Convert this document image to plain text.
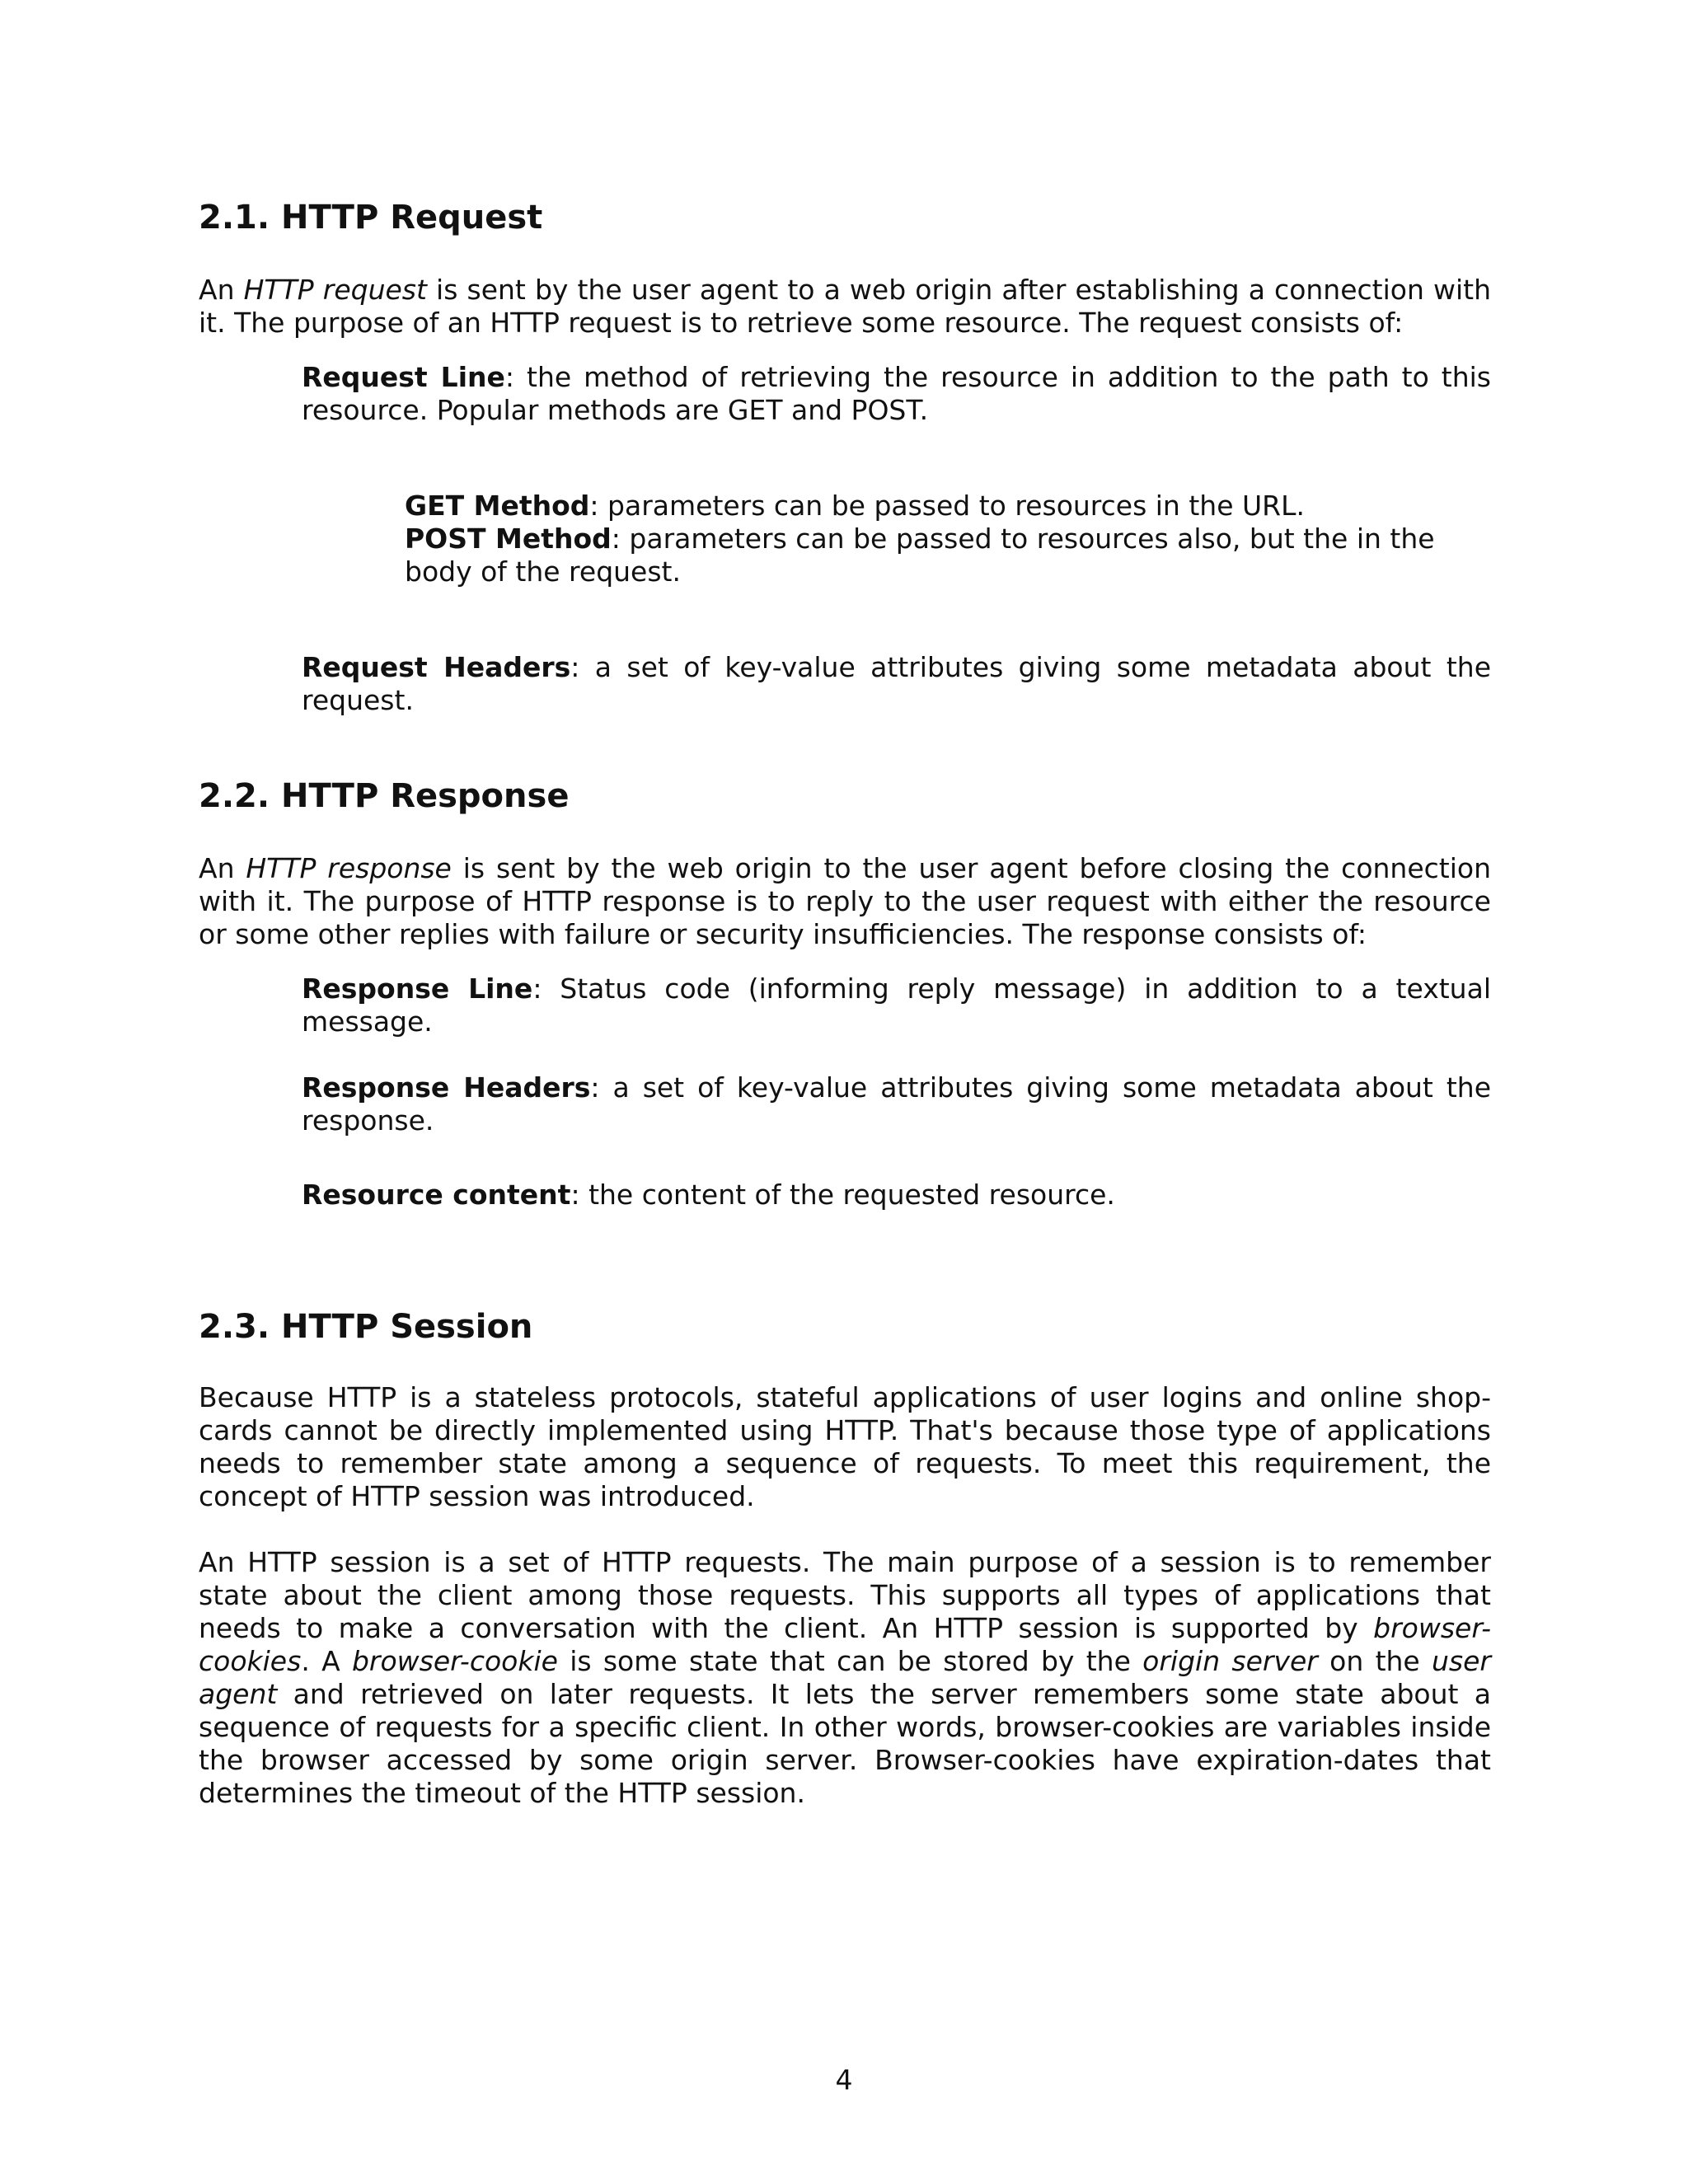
2.1. HTTP Request

An HTTP request is sent by the user agent to a web origin after establishing a connection with it. The purpose of an HTTP request is to retrieve some resource. The request consists of:

Request Line: the method of retrieving the resource in addition to the path to this resource. Popular methods are GET and POST.

GET Method: parameters can be passed to resources in the URL.

POST Method: parameters can be passed to resources also, but the in the body of the request.

Request Headers: a set of key-value attributes giving some metadata about the request.

2.2. HTTP Response

An HTTP response is sent by the web origin to the user agent before closing the connection with it. The purpose of HTTP response is to reply to the user request with either the resource or some other replies with failure or security insufficiencies. The response consists of:

Response Line: Status code (informing reply message) in addition to a textual message.

Response Headers: a set of key-value attributes giving some metadata about the response.

Resource content: the content of the requested resource.

2.3. HTTP Session

Because HTTP is a stateless protocols, stateful applications of user logins and online shop-cards cannot be directly implemented using HTTP. That's because those type of applications needs to remember state among a sequence of requests. To meet this requirement, the concept of HTTP session was introduced.

An HTTP session is a set of HTTP requests. The main purpose of a session is to remember state about the client among those requests. This supports all types of applications that needs to make a conversation with the client. An HTTP session is supported by browser-cookies. A browser-cookie is some state that can be stored by the origin server on the user agent and retrieved on later requests. It lets the server remembers some state about a sequence of requests for a specific client. In other words, browser-cookies are variables inside the browser accessed by some origin server. Browser-cookies have expiration-dates that determines the timeout of the HTTP session.

4
